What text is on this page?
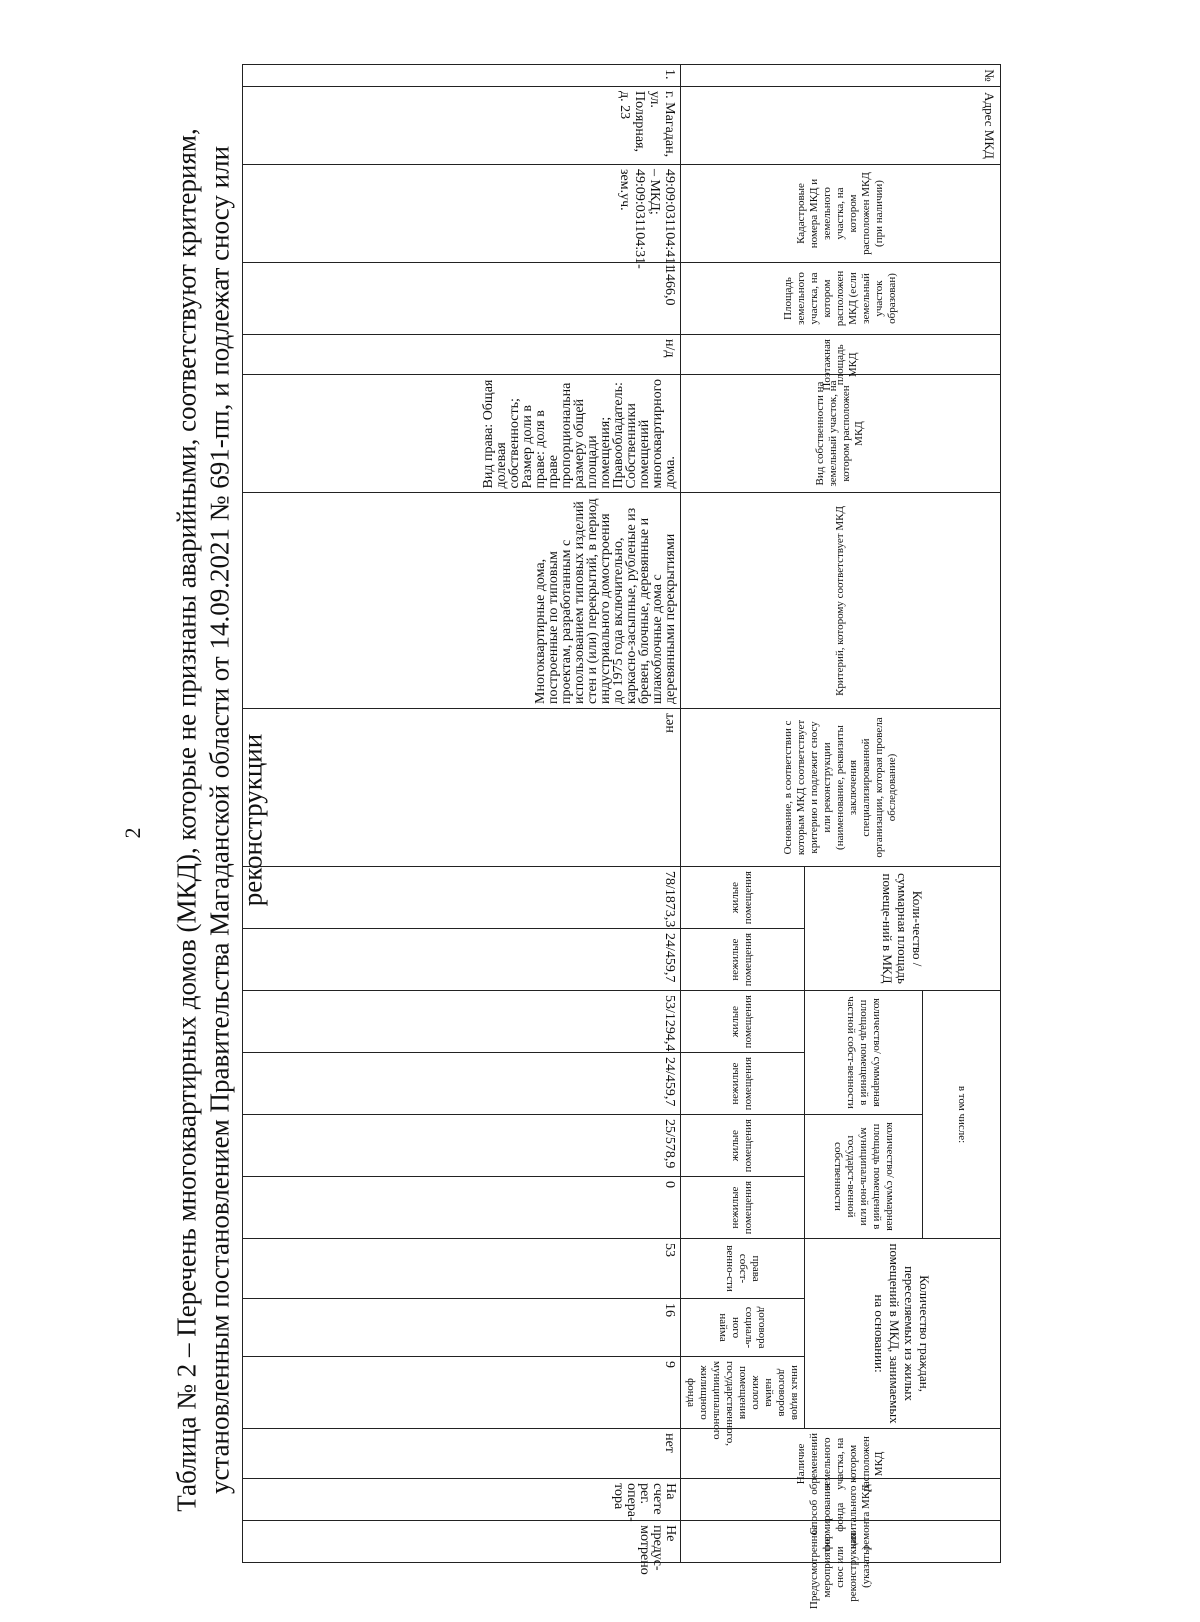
2 Таблица № 2 – Перечень многоквартирных домов (МКД), которые не признаны аварийными, соответствуют критериям, установленным постановлением Правительства Магаданской области от 14.09.2021 № 691-пп, и подлежат сносу или реконструкции
№	Адрес МКД	Кадастровые номера МКД и земельного участка, на котором расположен МКД (при наличии)	Площадь земельного участка, на котором расположен МКД (если земельный участок образован)	Поэтажная площадь МКД	Вид собственности на земельный участок, на котором расположен МКД	Критерий, которому соответствует МКД	Основание, в соответствии с которым МКД соответствует критерию и подлежит сносу или реконструкции (наименование, реквизиты заключения специализированной организации, которая провела обследование)	Коли-чество / суммарная площадь помеще-ний в МКД		в том числе:				Количество граждан, переселяемых из жилых помещений в МКД, занимаемых на основании:			Наличие обременений земельного участка, на котором расположен МКД	Способ формирования фонда капитального ремонта МКД	Предусмотренное мероприятие снос или реконструкция (указать)
										количество/ суммарная площадь помещений в частной собст-венности		количество/ суммарная площадь помещений в муниципаль-ной или государст-венной собственности							
								жилые помещения	нежилые помещения	жилые помещения	нежилые помещения	жилые помещения	нежилые помещения	права собст-венно-сти	договора социаль-ного найма	иных видов договоров найма жилого помещения государственного, муниципального жилищного фонда			
1.	г. Магадан, ул. Полярная, д. 23	49:09:031104:411 – МКД; 49:09:031104:31-зем.уч.	1466,0	н/д	Вид права: Общая долевая собственность; Размер доли в праве: доля в праве пропорциональна размеру общей площади помещения; Правообладатель: Собственники помещений многоквартирного дома.	Многоквартирные дома, построенные по типовым проектам, разработанным с использованием типовых изделий стен и (или) перекрытий, в период индустриального домостроения до 1975 года включительно, каркасно-засыпные, рубленые из бревен, блочные, деревянные и шлакоблочные дома с деревянными перекрытиями	нет	78/1873,3	24/459,7	53/1294,4	24/459,7	25/578,9	0	53	16	9	нет	На счете рег. опера-тора	Не предус-мотрено
